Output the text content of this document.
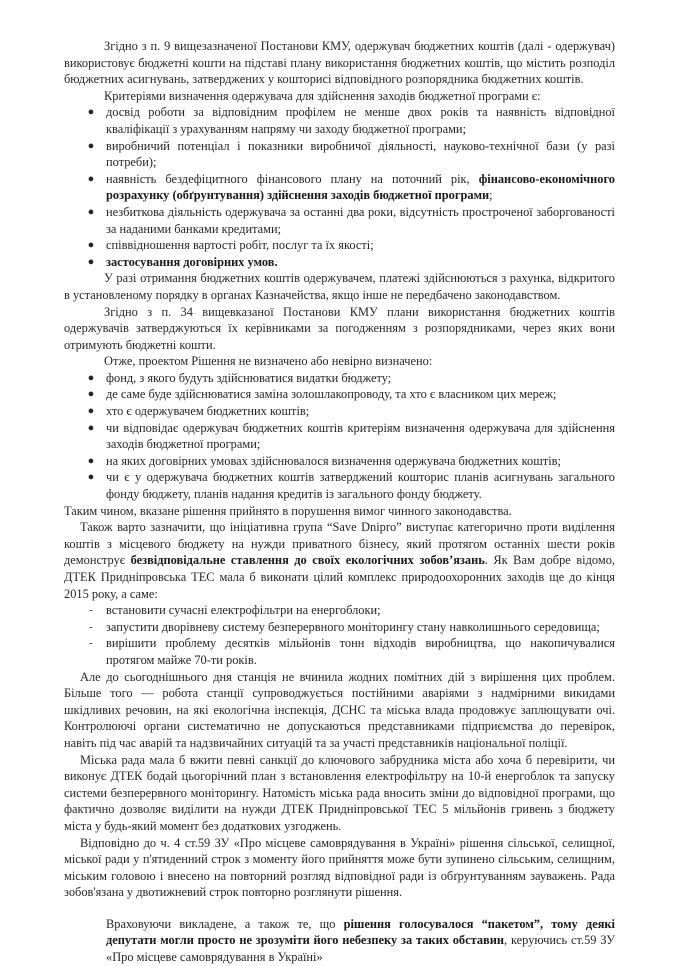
Згідно з п. 9 вищезазначеної Постанови КМУ, одержувач бюджетних коштів (далі - одержувач) використовує бюджетні кошти на підставі плану використання бюджетних коштів, що містить розподіл бюджетних асигнувань, затверджених у кошторисі відповідного розпорядника бюджетних коштів.

Критеріями визначення одержувача для здійснення заходів бюджетної програми є:

● досвід роботи за відповідним профілем не менше двох років та наявність відповідної кваліфікації з урахуванням напряму чи заходу бюджетної програми;
● виробничий потенціал і показники виробничої діяльності, науково-технічної бази (у разі потреби);
● наявність бездефіцитного фінансового плану на поточний рік, фінансово-економічного розрахунку (обґрунтування) здійснення заходів бюджетної програми;
● незбиткова діяльність одержувача за останні два роки, відсутність простроченої заборгованості за наданими банками кредитами;
● співвідношення вартості робіт, послуг та їх якості;
● застосування договірних умов.

У разі отримання бюджетних коштів одержувачем, платежі здійснюються з рахунка, відкритого в установленому порядку в органах Казначейства, якщо інше не передбачено законодавством.

Згідно з п. 34 вищевказаної Постанови КМУ плани використання бюджетних коштів одержувачів затверджуються їх керівниками за погодженням з розпорядниками, через яких вони отримують бюджетні кошти.

Отже, проектом Рішення не визначено або невірно визначено:

● фонд, з якого будуть здійснюватися видатки бюджету;
● де саме буде здійснюватися заміна золошлакопроводу, та хто є власником цих мереж;
● хто є одержувачем бюджетних коштів;
● чи відповідає одержувач бюджетних коштів критеріям визначення одержувача для здійснення заходів бюджетної програми;
● на яких договірних умовах здійснювалося визначення одержувача бюджетних коштів;
● чи є у одержувача бюджетних коштів затверджений кошторис планів асигнувань загального фонду бюджету, планів надання кредитів із загального фонду бюджету.

Таким чином, вказане рішення прийнято в порушення вимог чинного законодавства.

Також варто зазначити, що ініціативна група “Save Dnipro” виступає категорично проти виділення коштів з місцевого бюджету на нужди приватного бізнесу, який протягом останніх шести років демонструє безвідповідальне ставлення до своїх екологічних зобов’язань. Як Вам добре відомо, ДТЕК Придніпровська ТЕС мала б виконати цілий комплекс природоохоронних заходів ще до кінця 2015 року, а саме:

- встановити сучасні електрофільтри на енергоблоки;
- запустити дворівневу систему безперервного моніторингу стану навколишнього середовища;
- вирішити проблему десятків мільйонів тонн відходів виробництва, що накопичувалися протягом майже 70-ти років.

Але до сьогоднішнього дня станція не вчинила жодних помітних дій з вирішення цих проблем. Більше того — робота станції супроводжується постійними аваріями з надмірними викидами шкідливих речовин, на які екологічна інспекція, ДСНС та міська влада продовжує заплющувати очі. Контролюючі органи систематично не допускаються представниками підприємства до перевірок, навіть під час аварій та надзвичайних ситуацій та за участі представників національної поліції.

Міська рада мала б вжити певні санкції до ключового забрудника міста або хоча б перевірити, чи виконує ДТЕК бодай цьогорічний план з встановлення електрофільтру на 10-й енергоблок та запуску системи безперервного моніторингу. Натомість міська рада вносить зміни до відповідної програми, що фактично дозволяє виділити на нужди ДТЕК Придніпровської ТЕС 5 мільйонів гривень з бюджету міста у будь-який момент без додаткових узгоджень.

Відповідно до ч. 4 ст.59 ЗУ «Про місцеве самоврядування в Україні» рішення сільської, селищної, міської ради у п'ятиденний строк з моменту його прийняття може бути зупинено сільським, селищним, міським головою і внесено на повторний розгляд відповідної ради із обґрунтуванням зауважень. Рада зобов'язана у двотижневий строк повторно розглянути рішення.

Враховуючи викладене, а також те, що рішення голосувалося “пакетом”, тому деякі депутати могли просто не зрозуміти його небезпеку за таких обставин, керуючись ст.59 ЗУ «Про місцеве самоврядування в Україні»
